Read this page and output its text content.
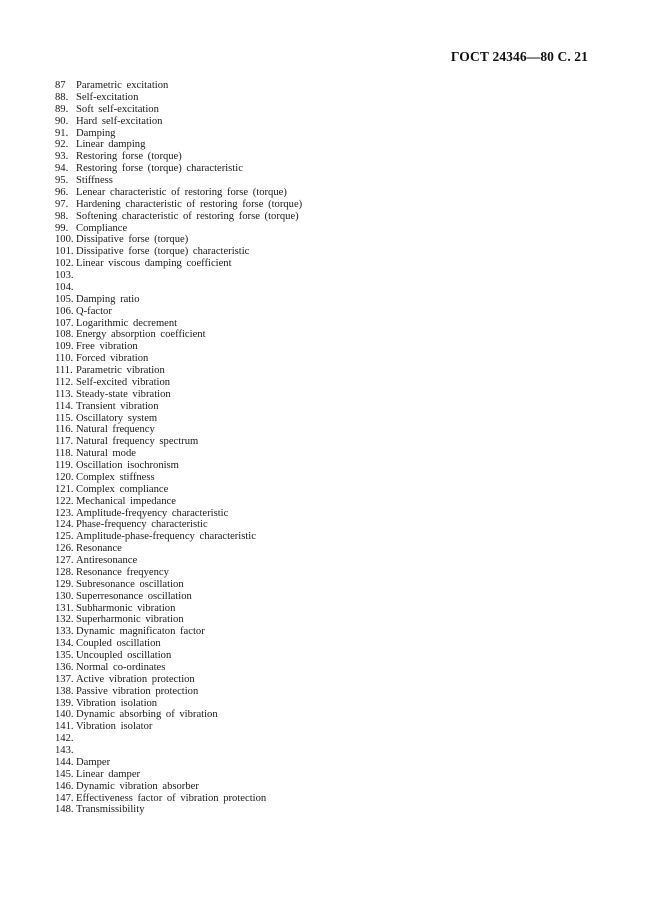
ГОСТ 24346—80 С. 21
87 Parametric excitation
88. Self-excitation
89. Soft self-excitation
90. Hard self-excitation
91. Damping
92. Linear damping
93. Restoring forse (torque)
94. Restoring forse (torque) characteristic
95. Stiffness
96. Lenear characteristic of restoring forse (torque)
97. Hardening characteristic of restoring forse (torque)
98. Softening characteristic of restoring forse (torque)
99. Compliance
100. Dissipative forse (torque)
101. Dissipative forse (torque) characteristic
102. Linear viscous damping coefficient
103.
104.
105. Damping ratio
106. Q-factor
107. Logarithmic decrement
108. Energy absorption coefficient
109. Free vibration
110. Forced vibration
111. Parametric vibration
112. Self-excited vibration
113. Steady-state vibration
114. Transient vibration
115. Oscillatory system
116. Natural frequency
117. Natural frequency spectrum
118. Natural mode
119. Oscillation isochronism
120. Complex stiffness
121. Complex compliance
122. Mechanical impedance
123. Amplitude-freqyency characteristic
124. Phase-frequency characteristic
125. Amplitude-phase-frequency characteristic
126. Resonance
127. Antiresonance
128. Resonance freqyency
129. Subresonance oscillation
130. Superresonance oscillation
131. Subharmonic vibration
132. Superharmonic vibration
133. Dynamic magnificaton factor
134. Coupled oscillation
135. Uncoupled oscillation
136. Normal co-ordinates
137. Active vibration protection
138. Passive vibration protection
139. Vibration isolation
140. Dynamic absorbing of vibration
141. Vibration isolator
142.
143.
144. Damper
145. Linear damper
146. Dynamic vibration absorber
147. Effectiveness factor of vibration protection
148. Transmissibility
